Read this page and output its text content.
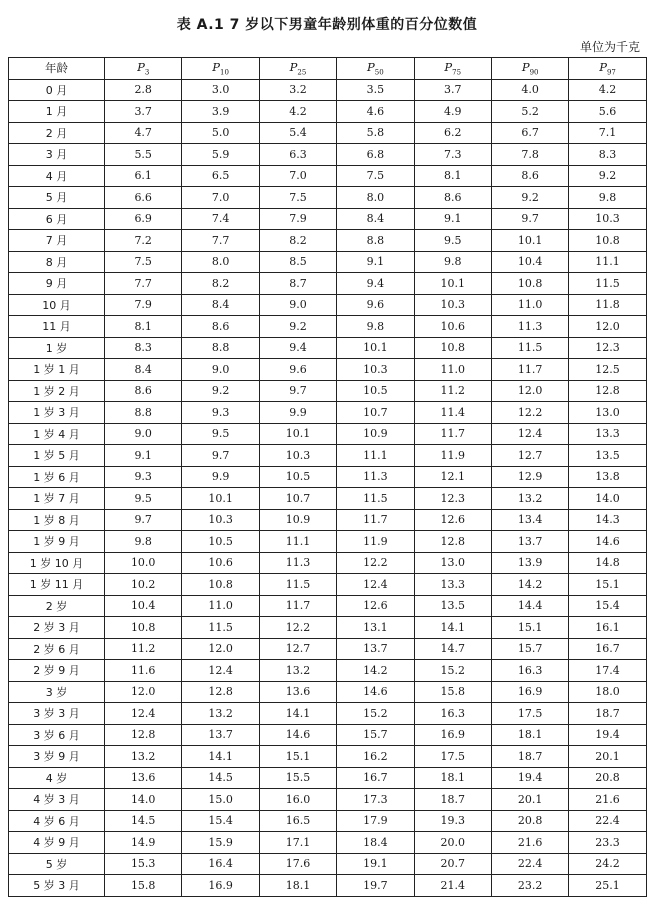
表 A.1 7 岁以下男童年龄别体重的百分位数值
单位为千克
年龄	$P_3$	$P_{10}$	$P_{25}$	$P_{50}$	$P_{75}$	$P_{90}$	$P_{97}$
0 月	2.8	3.0	3.2	3.5	3.7	4.0	4.2
1 月	3.7	3.9	4.2	4.6	4.9	5.2	5.6
2 月	4.7	5.0	5.4	5.8	6.2	6.7	7.1
3 月	5.5	5.9	6.3	6.8	7.3	7.8	8.3
4 月	6.1	6.5	7.0	7.5	8.1	8.6	9.2
5 月	6.6	7.0	7.5	8.0	8.6	9.2	9.8
6 月	6.9	7.4	7.9	8.4	9.1	9.7	10.3
7 月	7.2	7.7	8.2	8.8	9.5	10.1	10.8
8 月	7.5	8.0	8.5	9.1	9.8	10.4	11.1
9 月	7.7	8.2	8.7	9.4	10.1	10.8	11.5
10 月	7.9	8.4	9.0	9.6	10.3	11.0	11.8
11 月	8.1	8.6	9.2	9.8	10.6	11.3	12.0
1 岁	8.3	8.8	9.4	10.1	10.8	11.5	12.3
1 岁 1 月	8.4	9.0	9.6	10.3	11.0	11.7	12.5
1 岁 2 月	8.6	9.2	9.7	10.5	11.2	12.0	12.8
1 岁 3 月	8.8	9.3	9.9	10.7	11.4	12.2	13.0
1 岁 4 月	9.0	9.5	10.1	10.9	11.7	12.4	13.3
1 岁 5 月	9.1	9.7	10.3	11.1	11.9	12.7	13.5
1 岁 6 月	9.3	9.9	10.5	11.3	12.1	12.9	13.8
1 岁 7 月	9.5	10.1	10.7	11.5	12.3	13.2	14.0
1 岁 8 月	9.7	10.3	10.9	11.7	12.6	13.4	14.3
1 岁 9 月	9.8	10.5	11.1	11.9	12.8	13.7	14.6
1 岁 10 月	10.0	10.6	11.3	12.2	13.0	13.9	14.8
1 岁 11 月	10.2	10.8	11.5	12.4	13.3	14.2	15.1
2 岁	10.4	11.0	11.7	12.6	13.5	14.4	15.4
2 岁 3 月	10.8	11.5	12.2	13.1	14.1	15.1	16.1
2 岁 6 月	11.2	12.0	12.7	13.7	14.7	15.7	16.7
2 岁 9 月	11.6	12.4	13.2	14.2	15.2	16.3	17.4
3 岁	12.0	12.8	13.6	14.6	15.8	16.9	18.0
3 岁 3 月	12.4	13.2	14.1	15.2	16.3	17.5	18.7
3 岁 6 月	12.8	13.7	14.6	15.7	16.9	18.1	19.4
3 岁 9 月	13.2	14.1	15.1	16.2	17.5	18.7	20.1
4 岁	13.6	14.5	15.5	16.7	18.1	19.4	20.8
4 岁 3 月	14.0	15.0	16.0	17.3	18.7	20.1	21.6
4 岁 6 月	14.5	15.4	16.5	17.9	19.3	20.8	22.4
4 岁 9 月	14.9	15.9	17.1	18.4	20.0	21.6	23.3
5 岁	15.3	16.4	17.6	19.1	20.7	22.4	24.2
5 岁 3 月	15.8	16.9	18.1	19.7	21.4	23.2	25.1
